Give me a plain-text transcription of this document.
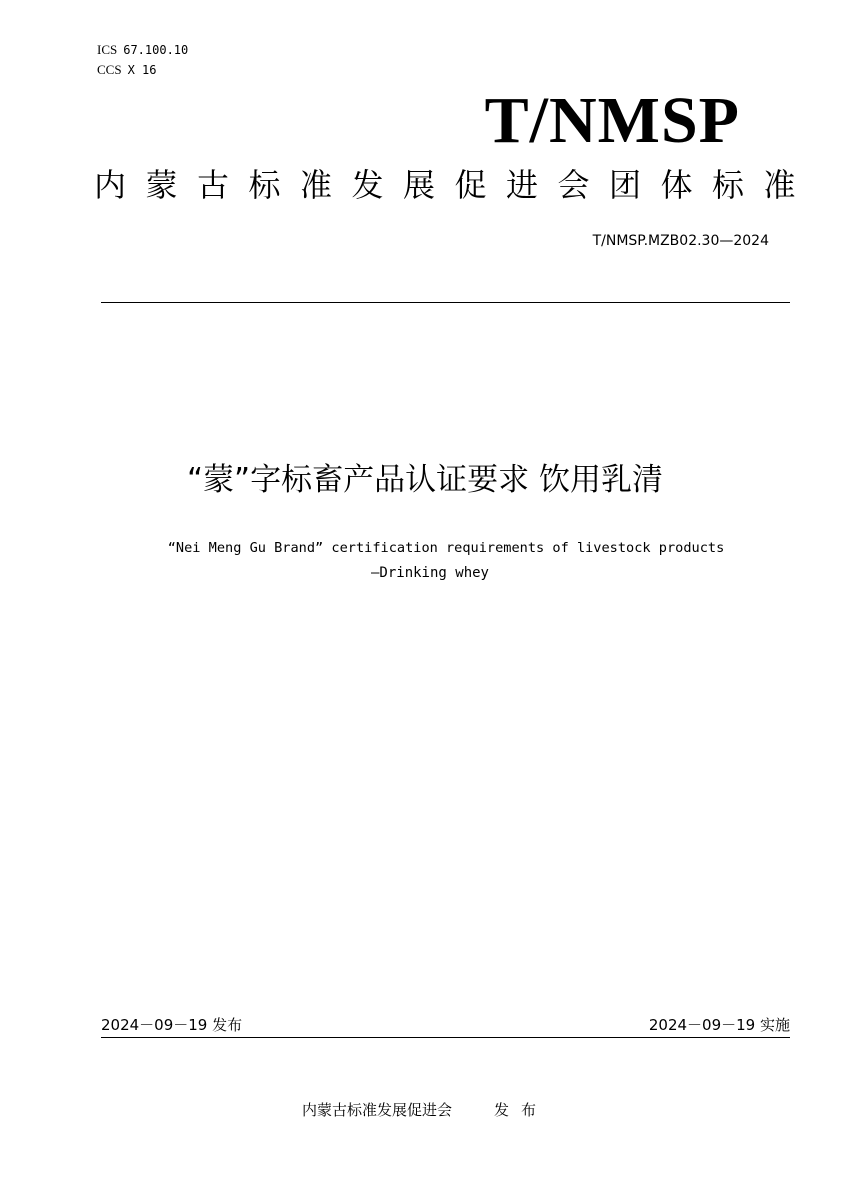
ICS 67.100.10
CCS X 16
T/NMSP
内蒙古标准发展促进会团体标准
T/NMSP.MZB02.30—2024
“蒙”字标畜产品认证要求 饮用乳清
“Nei Meng Gu Brand” certification requirements of livestock products
—Drinking whey
2024－09－19 发布	2024－09－19 实施
内蒙古标准发展促进会	发布
